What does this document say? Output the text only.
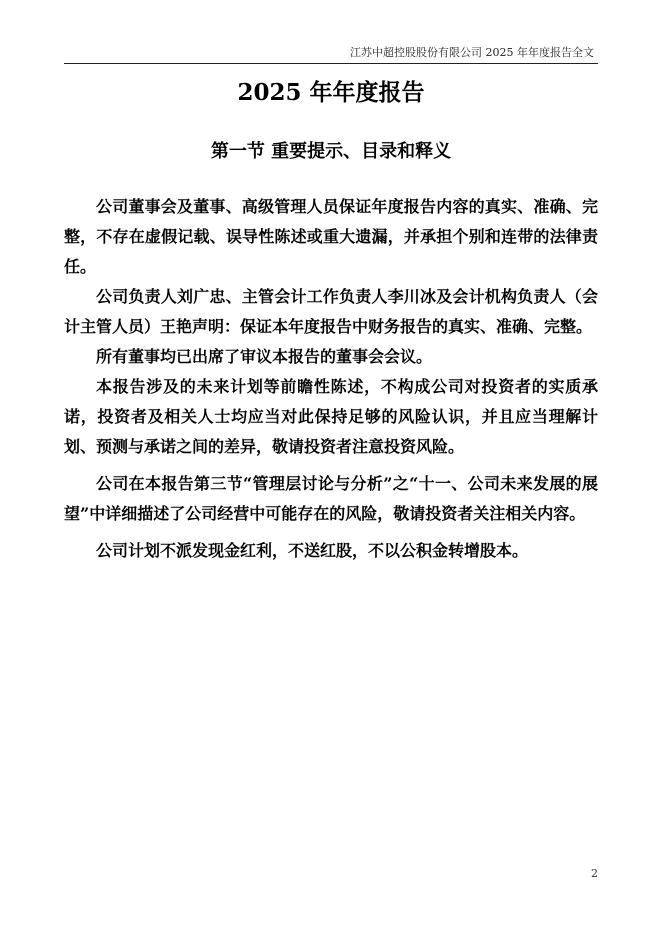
江苏中超控股股份有限公司 2025 年年度报告全文
2025 年年度报告
第一节 重要提示、目录和释义

公司董事会及董事、高级管理人员保证年度报告内容的真实、准确、完整，不存在虚假记载、误导性陈述或重大遗漏，并承担个别和连带的法律责任。

公司负责人刘广忠、主管会计工作负责人李川冰及会计机构负责人（会计主管人员）王艳声明：保证本年度报告中财务报告的真实、准确、完整。

所有董事均已出席了审议本报告的董事会会议。

本报告涉及的未来计划等前瞻性陈述，不构成公司对投资者的实质承诺，投资者及相关人士均应当对此保持足够的风险认识，并且应当理解计划、预测与承诺之间的差异，敬请投资者注意投资风险。

公司在本报告第三节“管理层讨论与分析”之“十一、公司未来发展的展望”中详细描述了公司经营中可能存在的风险，敬请投资者关注相关内容。

公司计划不派发现金红利，不送红股，不以公积金转增股本。

2
